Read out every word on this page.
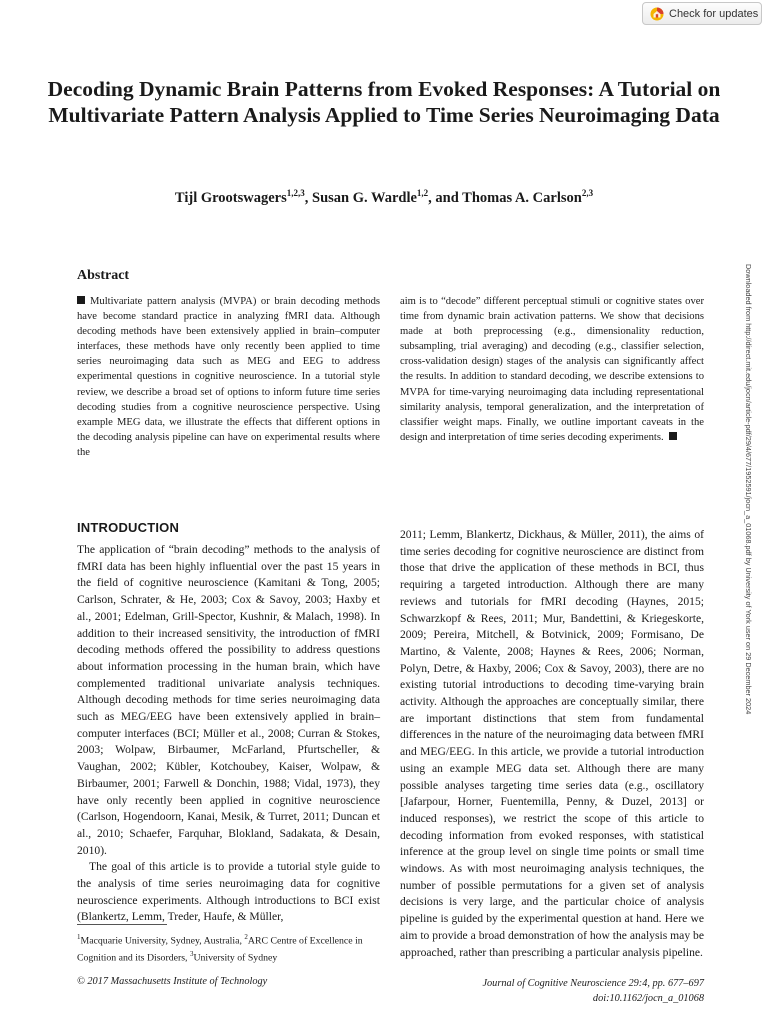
Check for updates
Decoding Dynamic Brain Patterns from Evoked Responses: A Tutorial on Multivariate Pattern Analysis Applied to Time Series Neuroimaging Data

Tijl Grootswagers$^{1,2,3}$, Susan G. Wardle$^{1,2}$, and Thomas A. Carlson$^{2,3}$

Abstract

Multivariate pattern analysis (MVPA) or brain decoding methods have become standard practice in analyzing fMRI data. Although decoding methods have been extensively applied in brain–computer interfaces, these methods have only recently been applied to time series neuroimaging data such as MEG and EEG to address experimental questions in cognitive neuroscience. In a tutorial style review, we describe a broad set of options to inform future time series decoding studies from a cognitive neuroscience perspective. Using example MEG data, we illustrate the effects that different options in the decoding analysis pipeline can have on experimental results where the

aim is to “decode” different perceptual stimuli or cognitive states over time from dynamic brain activation patterns. We show that decisions made at both preprocessing (e.g., dimensionality reduction, subsampling, trial averaging) and decoding (e.g., classifier selection, cross-validation design) stages of the analysis can significantly affect the results. In addition to standard decoding, we describe extensions to MVPA for time-varying neuroimaging data including representational similarity analysis, temporal generalization, and the interpretation of classifier weight maps. Finally, we outline important caveats in the design and interpretation of time series decoding experiments.

INTRODUCTION

The application of “brain decoding” methods to the analysis of fMRI data has been highly influential over the past 15 years in the field of cognitive neuroscience (Kamitani & Tong, 2005; Carlson, Schrater, & He, 2003; Cox & Savoy, 2003; Haxby et al., 2001; Edelman, Grill-Spector, Kushnir, & Malach, 1998). In addition to their increased sensitivity, the introduction of fMRI decoding methods offered the possibility to address questions about information processing in the human brain, which have complemented traditional univariate analysis techniques. Although decoding methods for time series neuroimaging data such as MEG/EEG have been extensively applied in brain–computer interfaces (BCI; Müller et al., 2008; Curran & Stokes, 2003; Wolpaw, Birbaumer, McFarland, Pfurtscheller, & Vaughan, 2002; Kübler, Kotchoubey, Kaiser, Wolpaw, & Birbaumer, 2001; Farwell & Donchin, 1988; Vidal, 1973), they have only recently been applied in cognitive neuroscience (Carlson, Hogendoorn, Kanai, Mesik, & Turret, 2011; Duncan et al., 2010; Schaefer, Farquhar, Blokland, Sadakata, & Desain, 2010).

The goal of this article is to provide a tutorial style guide to the analysis of time series neuroimaging data for cognitive neuroscience experiments. Although introductions to BCI exist (Blankertz, Lemm, Treder, Haufe, & Müller,

2011; Lemm, Blankertz, Dickhaus, & Müller, 2011), the aims of time series decoding for cognitive neuroscience are distinct from those that drive the application of these methods in BCI, thus requiring a targeted introduction. Although there are many reviews and tutorials for fMRI decoding (Haynes, 2015; Schwarzkopf & Rees, 2011; Mur, Bandettini, & Kriegeskorte, 2009; Pereira, Mitchell, & Botvinick, 2009; Formisano, De Martino, & Valente, 2008; Haynes & Rees, 2006; Norman, Polyn, Detre, & Haxby, 2006; Cox & Savoy, 2003), there are no existing tutorial introductions to decoding time-varying brain activity. Although the approaches are conceptually similar, there are important distinctions that stem from fundamental differences in the nature of the neuroimaging data between fMRI and MEG/EEG. In this article, we provide a tutorial introduction using an example MEG data set. Although there are many possible analyses targeting time series data (e.g., oscillatory [Jafarpour, Horner, Fuentemilla, Penny, & Duzel, 2013] or induced responses), we restrict the scope of this article to decoding information from evoked responses, with statistical inference at the group level on single time points or small time windows. As with most neuroimaging analysis techniques, the number of possible permutations for a given set of analysis decisions is very large, and the particular choice of analysis pipeline is guided by the experimental question at hand. Here we aim to provide a broad demonstration of how the analysis may be approached, rather than prescribing a particular analysis pipeline.

$^1$Macquarie University, Sydney, Australia, $^2$ARC Centre of Excellence in Cognition and its Disorders, $^3$University of Sydney

© 2017 Massachusetts Institute of Technology	Journal of Cognitive Neuroscience 29:4, pp. 677–697
doi:10.1162/jocn_a_01068
Downloaded from http://direct.mit.edu/jocn/article-pdf/29/4/677/1952591/jocn_a_01068.pdf by University of York user on 29 December 2024
